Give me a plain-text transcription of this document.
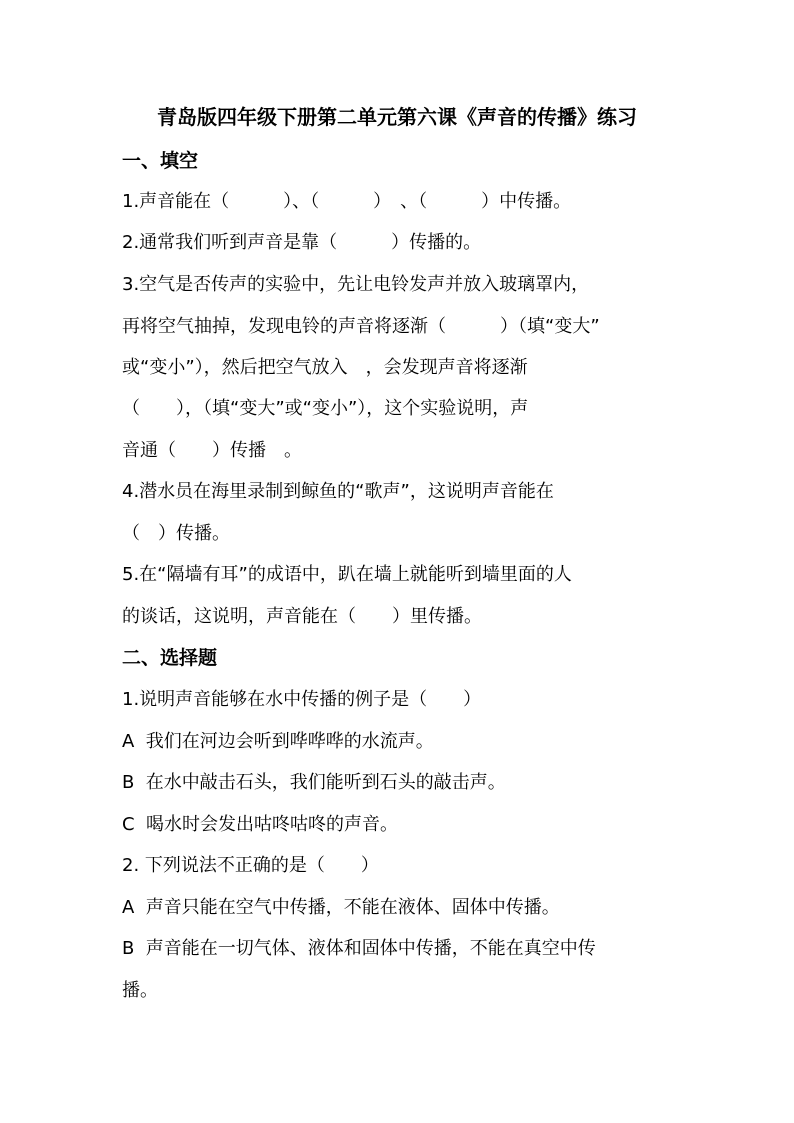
青岛版四年级下册第二单元第六课《声音的传播》练习
一、填空
1.声音能在（　　　）、（　　　）　、（　　　）中传播。
2.通常我们听到声音是靠（　　　）传播的。
3.空气是否传声的实验中，先让电铃发声并放入玻璃罩内，
再将空气抽掉，发现电铃的声音将逐渐（　　　）（填“变大”
或“变小”），然后把空气放入　，会发现声音将逐渐
（　　），（填“变大”或“变小”），这个实验说明，声
音通（　　）传播　。
4.潜水员在海里录制到鲸鱼的“歌声”，这说明声音能在
（　）传播。
5.在“隔墙有耳”的成语中，趴在墙上就能听到墙里面的人
的谈话，这说明，声音能在（　　）里传播。
二、选择题
1.说明声音能够在水中传播的例子是（　　）
A  我们在河边会听到哗哗哗的水流声。
B  在水中敲击石头，我们能听到石头的敲击声。
C  喝水时会发出咕咚咕咚的声音。
2. 下列说法不正确的是（　　）
A  声音只能在空气中传播，不能在液体、固体中传播。
B  声音能在一切气体、液体和固体中传播，不能在真空中传
播。
